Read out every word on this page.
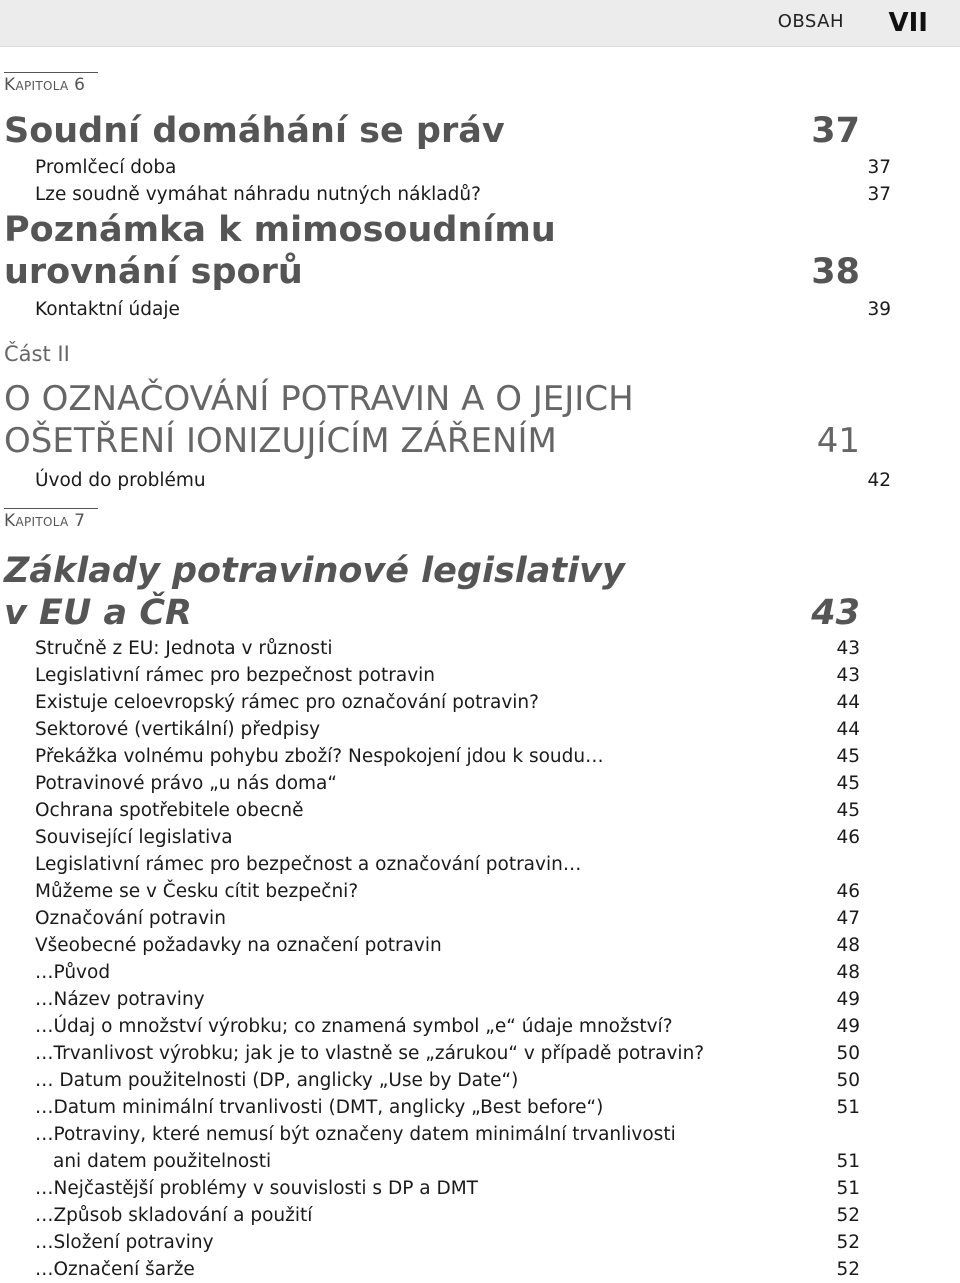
OBSAH VII
Kapitola 6
Soudní domáhání se práv	37
Promlčecí doba	37
Lze soudně vymáhat náhradu nutných nákladů?	37
Poznámka k mimosoudnímu
urovnání sporů	38
Kontaktní údaje	39
Část II
O OZNAČOVÁNÍ POTRAVIN A O JEJICH
OŠETŘENÍ IONIZUJÍCÍM ZÁŘENÍM	41
Úvod do problému	42
Kapitola 7
Základy potravinové legislativy
v EU a ČR	43
Stručně z EU: Jednota v různosti	43
Legislativní rámec pro bezpečnost potravin	43
Existuje celoevropský rámec pro označování potravin?	44
Sektorové (vertikální) předpisy	44
Překážka volnému pohybu zboží? Nespokojení jdou k soudu…	45
Potravinové právo „u nás doma“	45
Ochrana spotřebitele obecně	45
Související legislativa	46
Legislativní rámec pro bezpečnost a označování potravin…
Můžeme se v Česku cítit bezpečni?	46
Označování potravin	47
Všeobecné požadavky na označení potravin	48
…Původ	48
…Název potraviny	49
…Údaj o množství výrobku; co znamená symbol „e“ údaje množství?	49
…Trvanlivost výrobku; jak je to vlastně se „zárukou“ v případě potravin?	50
… Datum použitelnosti (DP, anglicky „Use by Date“)	50
…Datum minimální trvanlivosti (DMT, anglicky „Best before“)	51
…Potraviny, které nemusí být označeny datem minimální trvanlivosti
ani datem použitelnosti	51
…Nejčastější problémy v souvislosti s DP a DMT	51
…Způsob skladování a použití	52
…Složení potraviny	52
…Označení šarže	52
